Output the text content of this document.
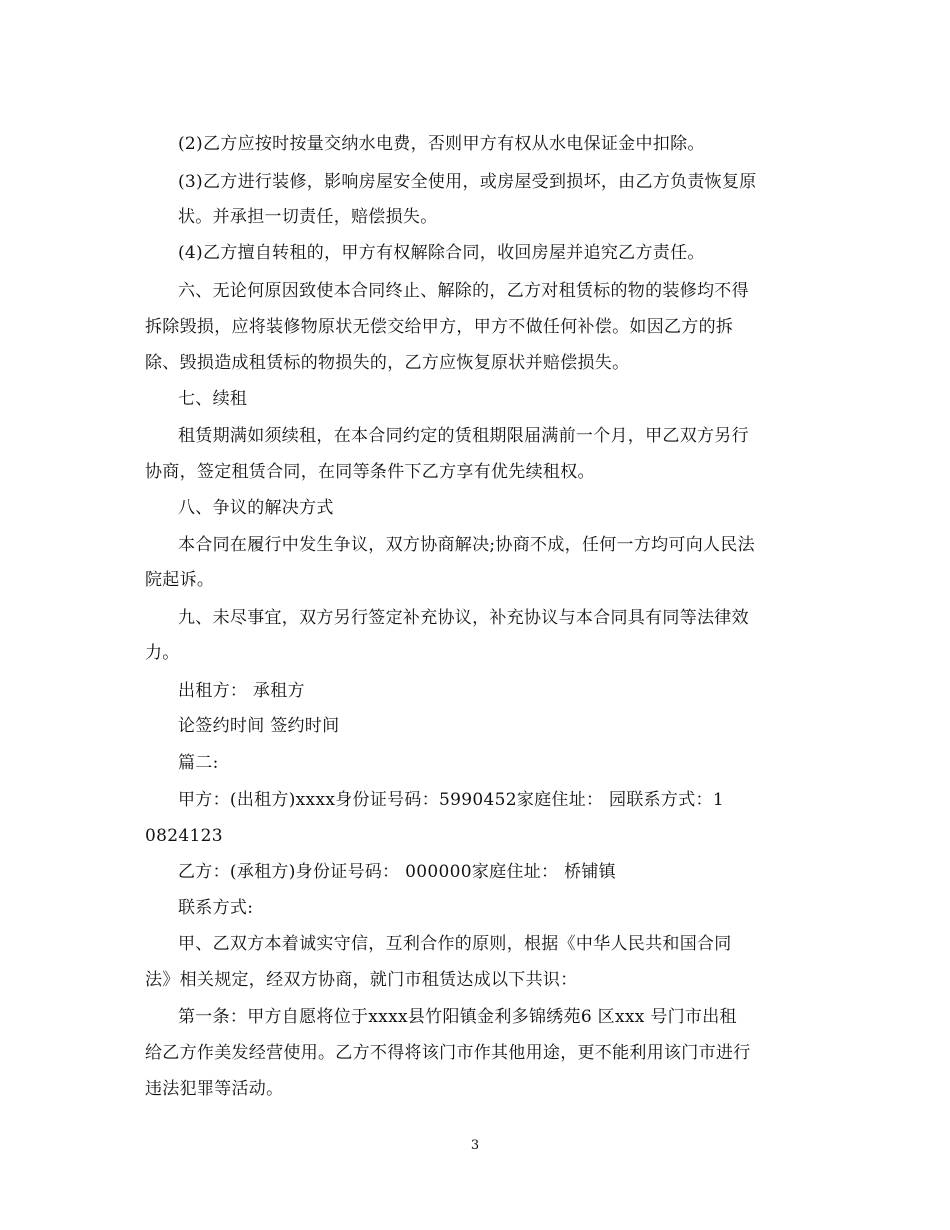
(2)乙方应按时按量交纳水电费，否则甲方有权从水电保证金中扣除。
(3)乙方进行装修，影响房屋安全使用，或房屋受到损坏，由乙方负责恢复原
状。并承担一切责任，赔偿损失。
(4)乙方擅自转租的，甲方有权解除合同，收回房屋并追究乙方责任。
六、无论何原因致使本合同终止、解除的，乙方对租赁标的物的装修均不得
拆除毁损，应将装修物原状无偿交给甲方，甲方不做任何补偿。如因乙方的拆
除、毁损造成租赁标的物损失的，乙方应恢复原状并赔偿损失。
七、续租
租赁期满如须续租，在本合同约定的赁租期限届满前一个月，甲乙双方另行
协商，签定租赁合同，在同等条件下乙方享有优先续租权。
八、争议的解决方式
本合同在履行中发生争议，双方协商解决;协商不成，任何一方均可向人民法
院起诉。
九、未尽事宜，双方另行签定补充协议，补充协议与本合同具有同等法律效
力。
出租方： 承租方
论签约时间 签约时间
篇二:
甲方：(出租方)xxxx身份证号码：5990452家庭住址： 园联系方式：1
0824123
乙方：(承租方)身份证号码： 000000家庭住址： 桥铺镇
联系方式:
甲、乙双方本着诚实守信，互利合作的原则，根据《中华人民共和国合同
法》相关规定，经双方协商，就门市租赁达成以下共识：
第一条：甲方自愿将位于xxxx县竹阳镇金利多锦绣苑6 区xxx 号门市出租
给乙方作美发经营使用。乙方不得将该门市作其他用途，更不能利用该门市进行
违法犯罪等活动。
3
